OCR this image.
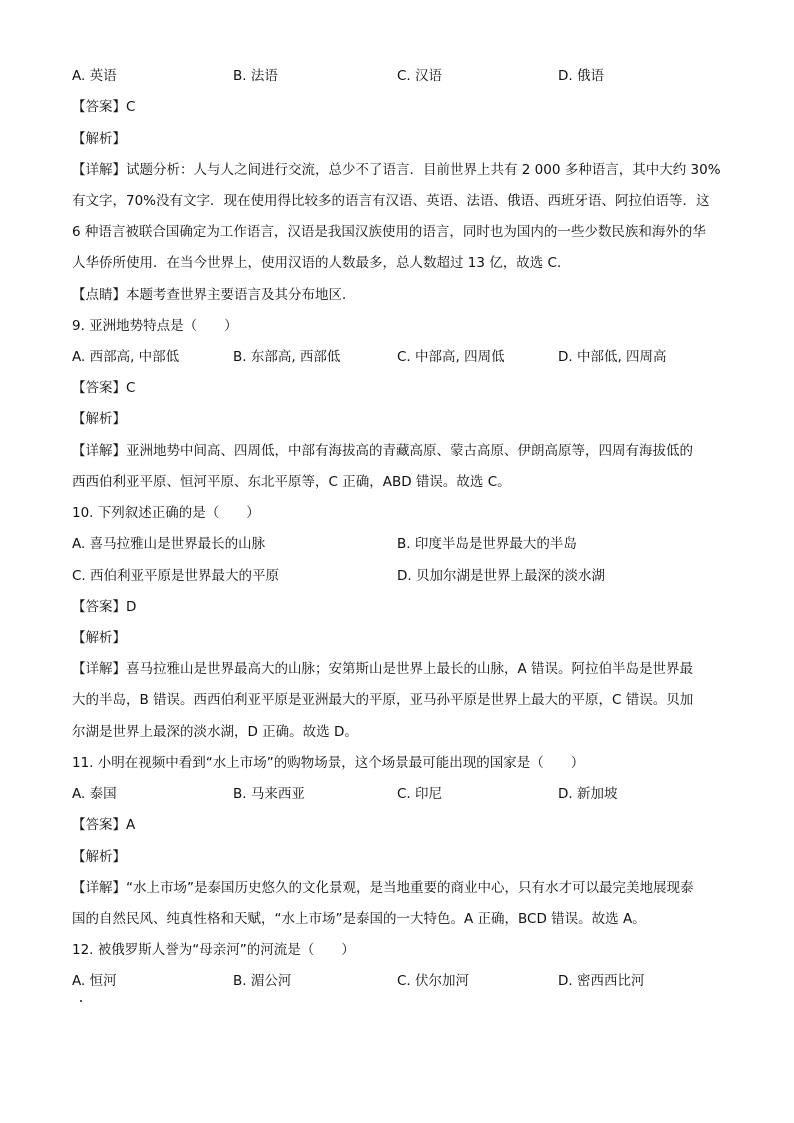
A. 英语	B. 法语	C. 汉语	D. 俄语
【答案】C
【解析】
【详解】试题分析：人与人之间进行交流，总少不了语言．目前世界上共有 2 000 多种语言，其中大约 30%
有文字，70%没有文字．现在使用得比较多的语言有汉语、英语、法语、俄语、西班牙语、阿拉伯语等．这
6 种语言被联合国确定为工作语言，汉语是我国汉族使用的语言，同时也为国内的一些少数民族和海外的华
人华侨所使用．在当今世界上，使用汉语的人数最多，总人数超过 13 亿，故选 C．
【点睛】本题考查世界主要语言及其分布地区．
9. 亚洲地势特点是（　　）
A. 西部高, 中部低	B. 东部高, 西部低	C. 中部高, 四周低	D. 中部低, 四周高
【答案】C
【解析】
【详解】亚洲地势中间高、四周低，中部有海拔高的青藏高原、蒙古高原、伊朗高原等，四周有海拔低的
西西伯利亚平原、恒河平原、东北平原等，C 正确，ABD 错误。故选 C。
10. 下列叙述正确的是（　　）
A. 喜马拉雅山是世界最长的山脉	B. 印度半岛是世界最大的半岛
C. 西伯利亚平原是世界最大的平原	D. 贝加尔湖是世界上最深的淡水湖
【答案】D
【解析】
【详解】喜马拉雅山是世界最高大的山脉；安第斯山是世界上最长的山脉，A 错误。阿拉伯半岛是世界最
大的半岛，B 错误。西西伯利亚平原是亚洲最大的平原，亚马孙平原是世界上最大的平原，C 错误。贝加
尔湖是世界上最深的淡水湖，D 正确。故选 D。
11. 小明在视频中看到“水上市场”的购物场景，这个场景最可能出现的国家是（　　）
A. 泰国	B. 马来西亚	C. 印尼	D. 新加坡
【答案】A
【解析】
【详解】“水上市场”是泰国历史悠久的文化景观，是当地重要的商业中心，只有水才可以最完美地展现泰
国的自然民风、纯真性格和天赋，“水上市场”是泰国的一大特色。A 正确，BCD 错误。故选 A。
12. 被俄罗斯人誉为“母亲河”的河流是（　　）
A. 恒河	B. 湄公河	C. 伏尔加河	D. 密西西比河
